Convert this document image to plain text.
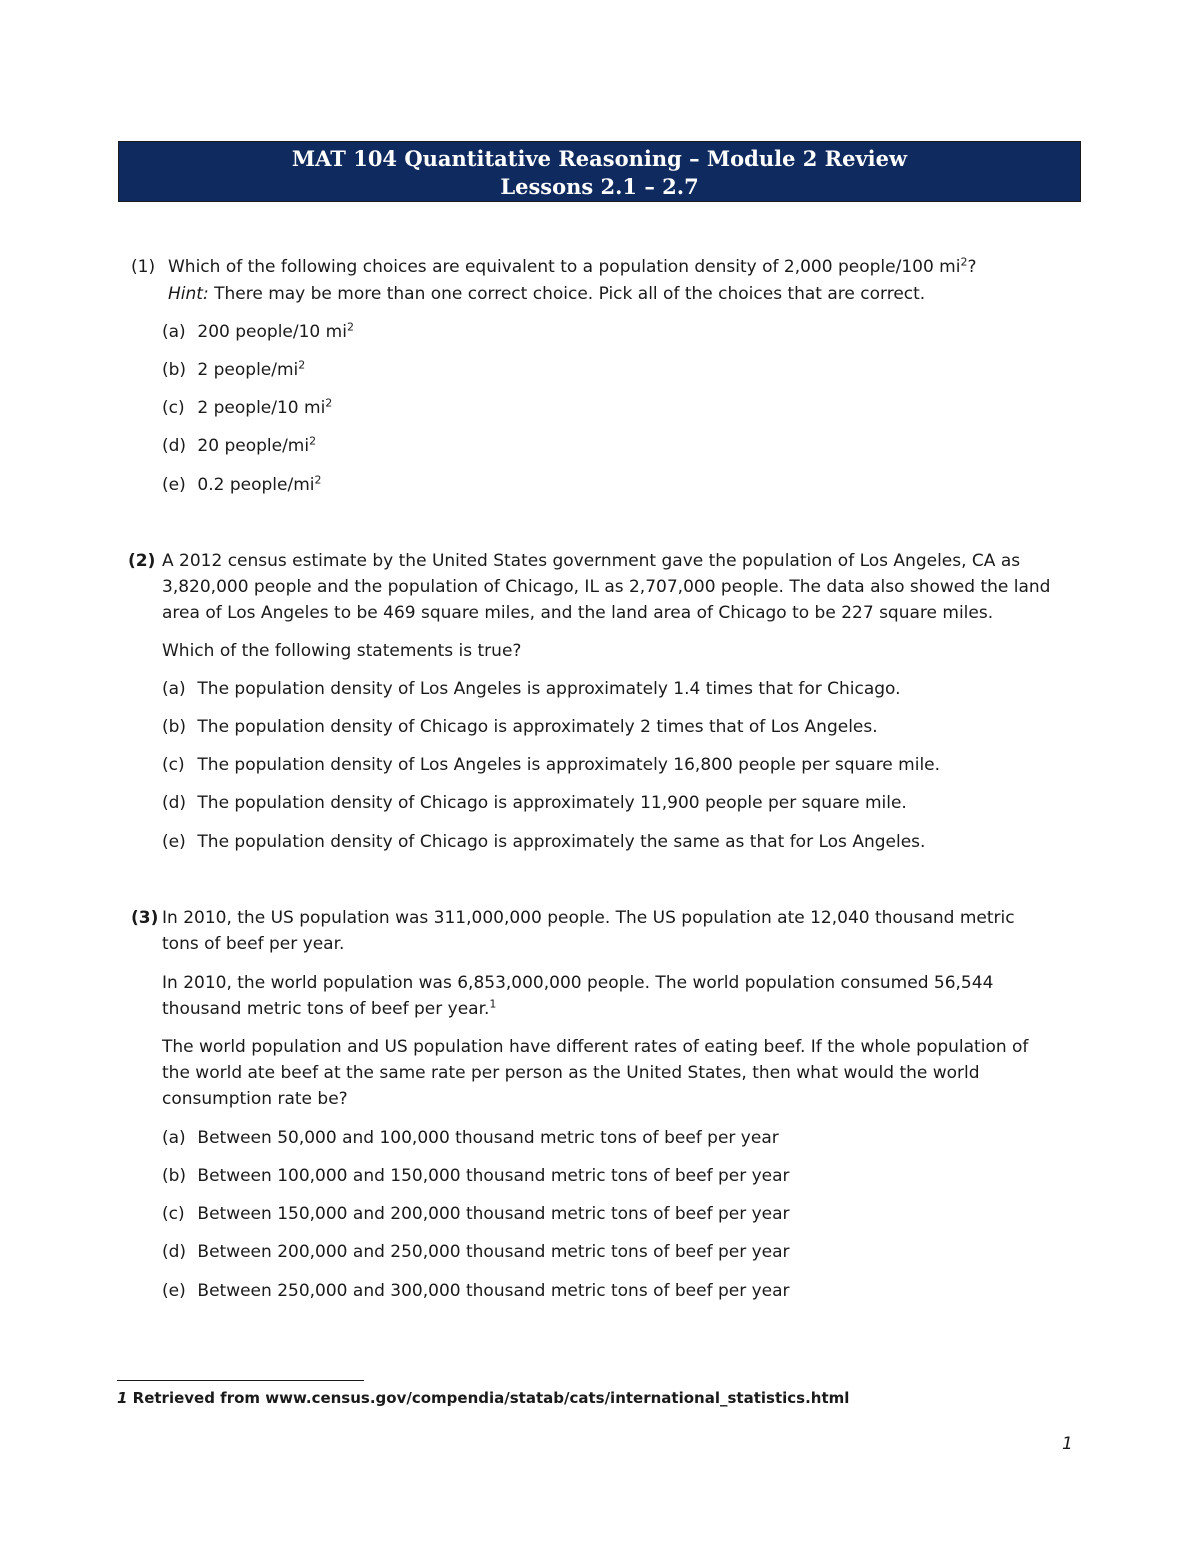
MAT 104 Quantitative Reasoning – Module 2 Review
Lessons 2.1 – 2.7
(1) Which of the following choices are equivalent to a population density of 2,000 people/100 $mi^2$?
Hint: There may be more than one correct choice. Pick all of the choices that are correct.
(a) 200 people/10 $mi^2$
(b) 2 people/$mi^2$
(c) 2 people/10 $mi^2$
(d) 20 people/$mi^2$
(e) 0.2 people/$mi^2$
(2) A 2012 census estimate by the United States government gave the population of Los Angeles, CA as
3,820,000 people and the population of Chicago, IL as 2,707,000 people. The data also showed the land
area of Los Angeles to be 469 square miles, and the land area of Chicago to be 227 square miles.
Which of the following statements is true?
(a) The population density of Los Angeles is approximately 1.4 times that for Chicago.
(b) The population density of Chicago is approximately 2 times that of Los Angeles.
(c) The population density of Los Angeles is approximately 16,800 people per square mile.
(d) The population density of Chicago is approximately 11,900 people per square mile.
(e) The population density of Chicago is approximately the same as that for Los Angeles.
(3) In 2010, the US population was 311,000,000 people. The US population ate 12,040 thousand metric
tons of beef per year.
In 2010, the world population was 6,853,000,000 people. The world population consumed 56,544
thousand metric tons of beef per year.$^1$
The world population and US population have different rates of eating beef. If the whole population of
the world ate beef at the same rate per person as the United States, then what would the world
consumption rate be?
(a) Between 50,000 and 100,000 thousand metric tons of beef per year
(b) Between 100,000 and 150,000 thousand metric tons of beef per year
(c) Between 150,000 and 200,000 thousand metric tons of beef per year
(d) Between 200,000 and 250,000 thousand metric tons of beef per year
(e) Between 250,000 and 300,000 thousand metric tons of beef per year
1 Retrieved from www.census.gov/compendia/statab/cats/international_statistics.html
1
